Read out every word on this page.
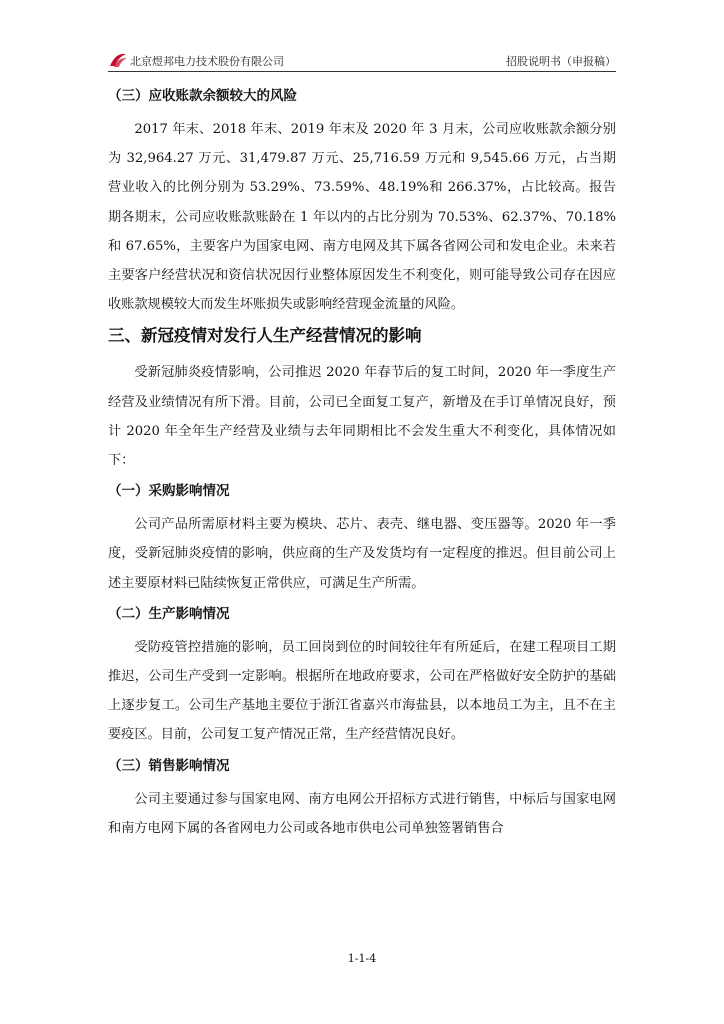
北京煜邦电力技术股份有限公司	招股说明书（申报稿）
（三）应收账款余额较大的风险

2017 年末、2018 年末、2019 年末及 2020 年 3 月末，公司应收账款余额分别为 32,964.27 万元、31,479.87 万元、25,716.59 万元和 9,545.66 万元，占当期营业收入的比例分别为 53.29%、73.59%、48.19%和 266.37%，占比较高。报告期各期末，公司应收账款账龄在 1 年以内的占比分别为 70.53%、62.37%、70.18%和 67.65%，主要客户为国家电网、南方电网及其下属各省网公司和发电企业。未来若主要客户经营状况和资信状况因行业整体原因发生不利变化，则可能导致公司存在因应收账款规模较大而发生坏账损失或影响经营现金流量的风险。

三、新冠疫情对发行人生产经营情况的影响

受新冠肺炎疫情影响，公司推迟 2020 年春节后的复工时间，2020 年一季度生产经营及业绩情况有所下滑。目前，公司已全面复工复产，新增及在手订单情况良好，预计 2020 年全年生产经营及业绩与去年同期相比不会发生重大不利变化，具体情况如下：

（一）采购影响情况

公司产品所需原材料主要为模块、芯片、表壳、继电器、变压器等。2020 年一季度，受新冠肺炎疫情的影响，供应商的生产及发货均有一定程度的推迟。但目前公司上述主要原材料已陆续恢复正常供应，可满足生产所需。

（二）生产影响情况

受防疫管控措施的影响，员工回岗到位的时间较往年有所延后，在建工程项目工期推迟，公司生产受到一定影响。根据所在地政府要求，公司在严格做好安全防护的基础上逐步复工。公司生产基地主要位于浙江省嘉兴市海盐县，以本地员工为主，且不在主要疫区。目前，公司复工复产情况正常，生产经营情况良好。

（三）销售影响情况

公司主要通过参与国家电网、南方电网公开招标方式进行销售，中标后与国家电网和南方电网下属的各省网电力公司或各地市供电公司单独签署销售合

1-1-4
